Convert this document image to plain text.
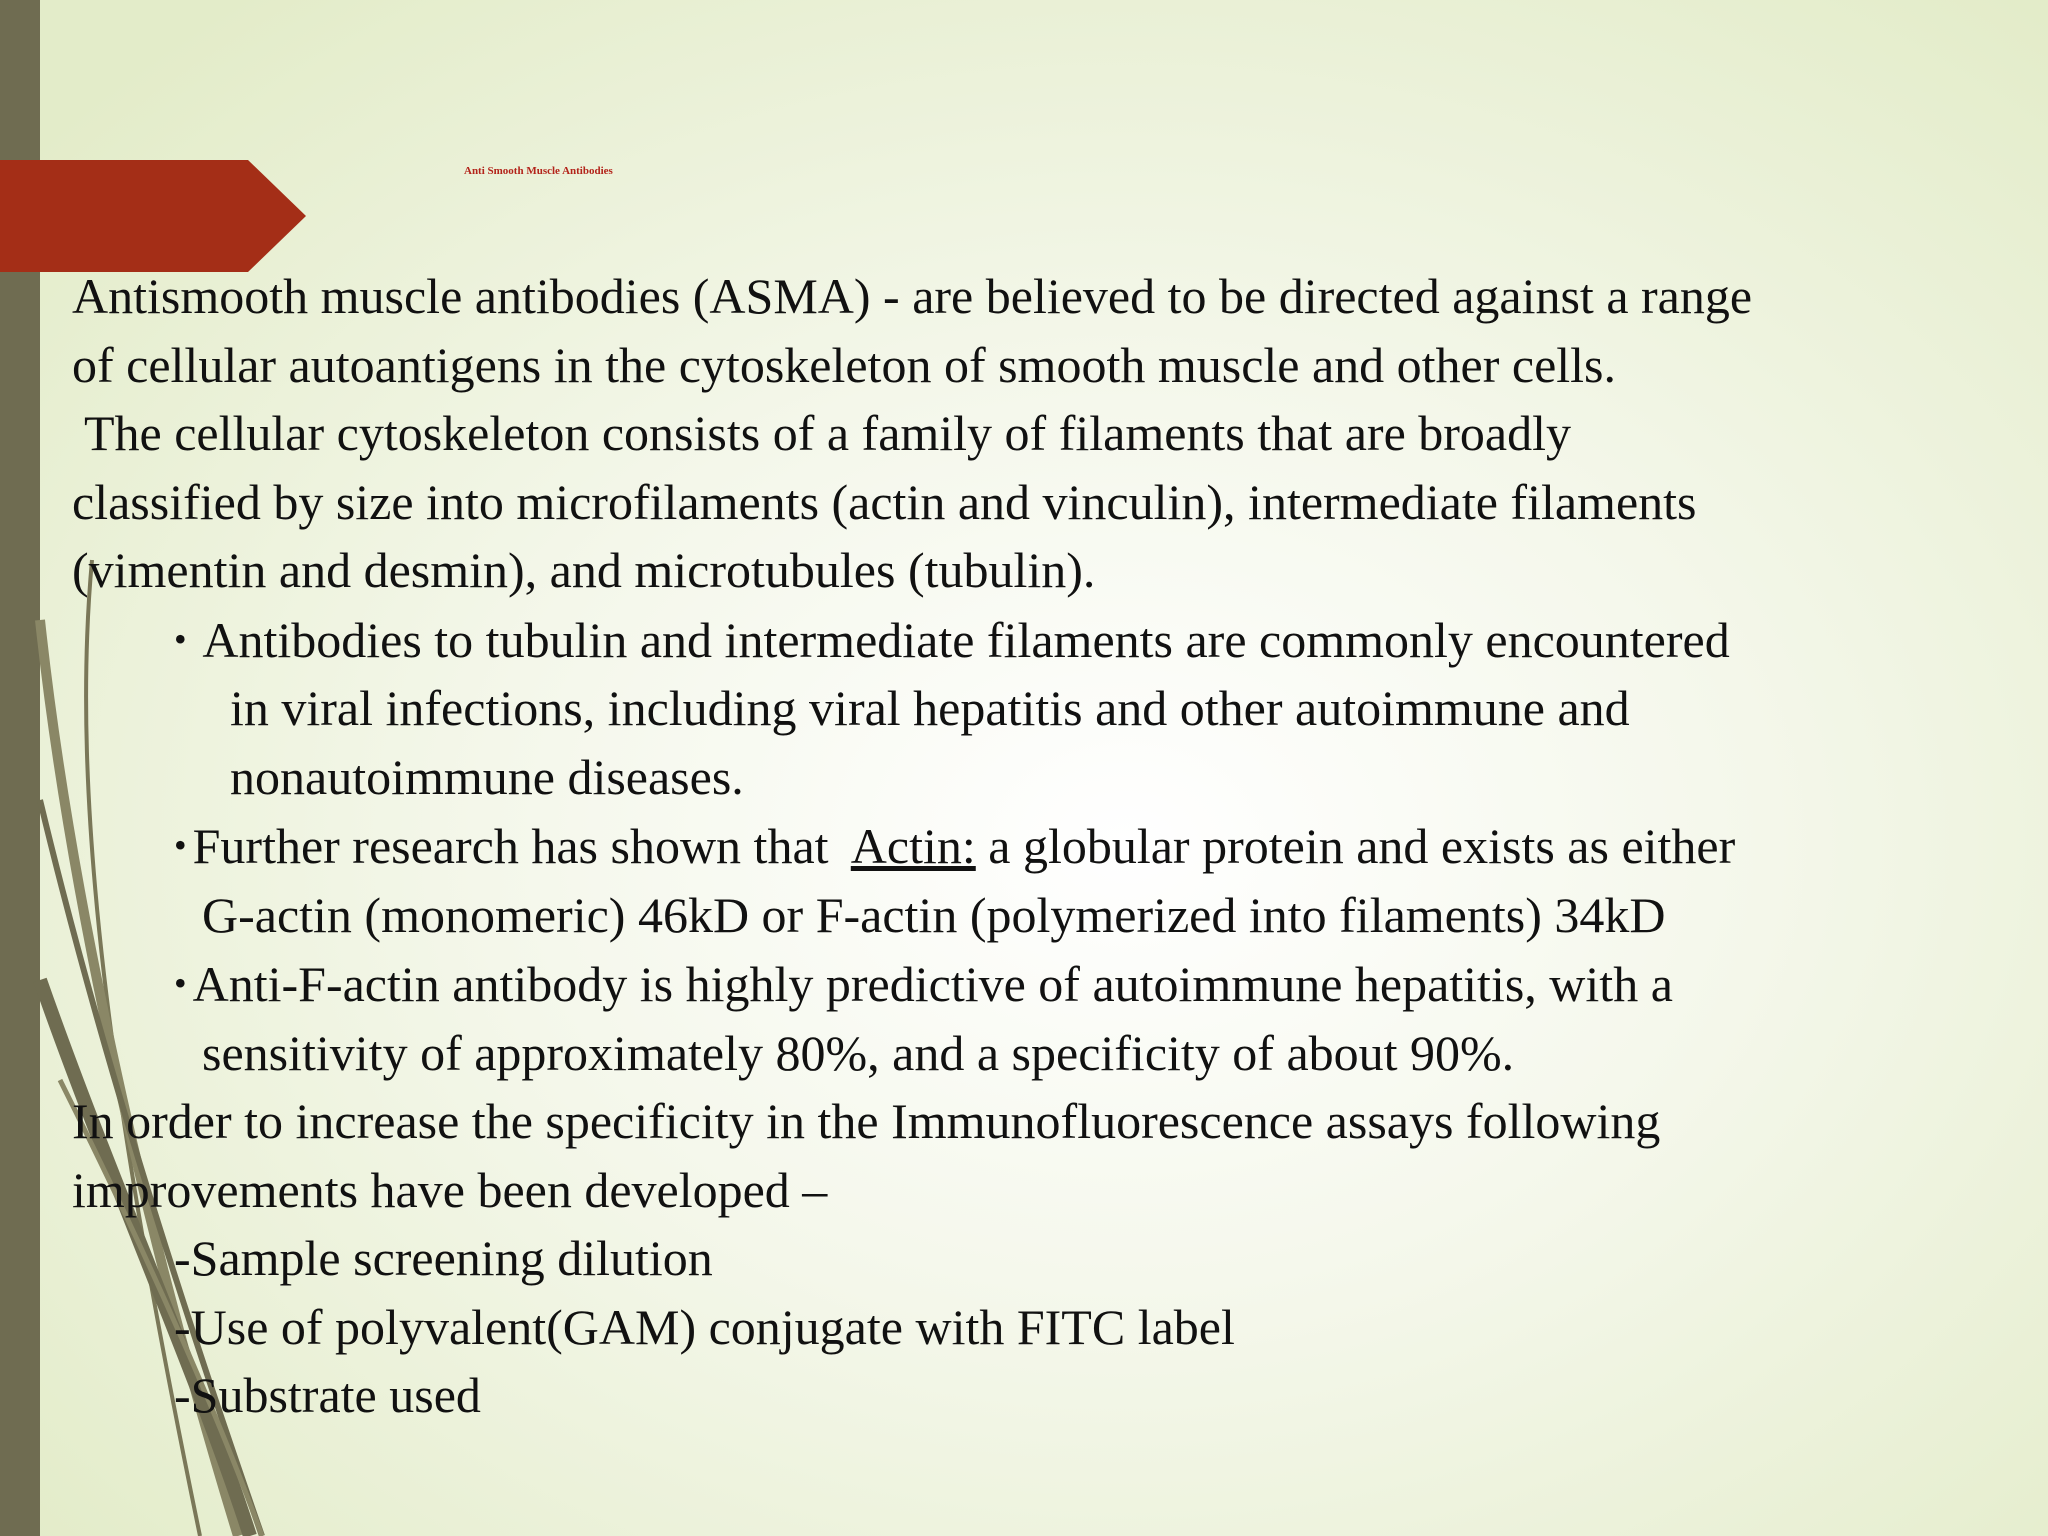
Anti Smooth Muscle Antibodies

Antismooth muscle antibodies (ASMA) - are believed to be directed against a range

of cellular autoantigens in the cytoskeleton of smooth muscle and other cells.

The cellular cytoskeleton consists of a family of filaments that are broadly

classified by size into microfilaments (actin and vinculin), intermediate filaments

(vimentin and desmin), and microtubules (tubulin).

• Antibodies to tubulin and intermediate filaments are commonly encountered

in viral infections, including viral hepatitis and other autoimmune and

nonautoimmune diseases.

• Further research has shown that Actin: a globular protein and exists as either

G-actin (monomeric) 46kD or F-actin (polymerized into filaments) 34kD

• Anti-F-actin antibody is highly predictive of autoimmune hepatitis, with a

sensitivity of approximately 80%, and a specificity of about 90%.

In order to increase the specificity in the Immunofluorescence assays following

improvements have been developed –

-Sample screening dilution

-Use of polyvalent(GAM) conjugate with FITC label

-Substrate used
